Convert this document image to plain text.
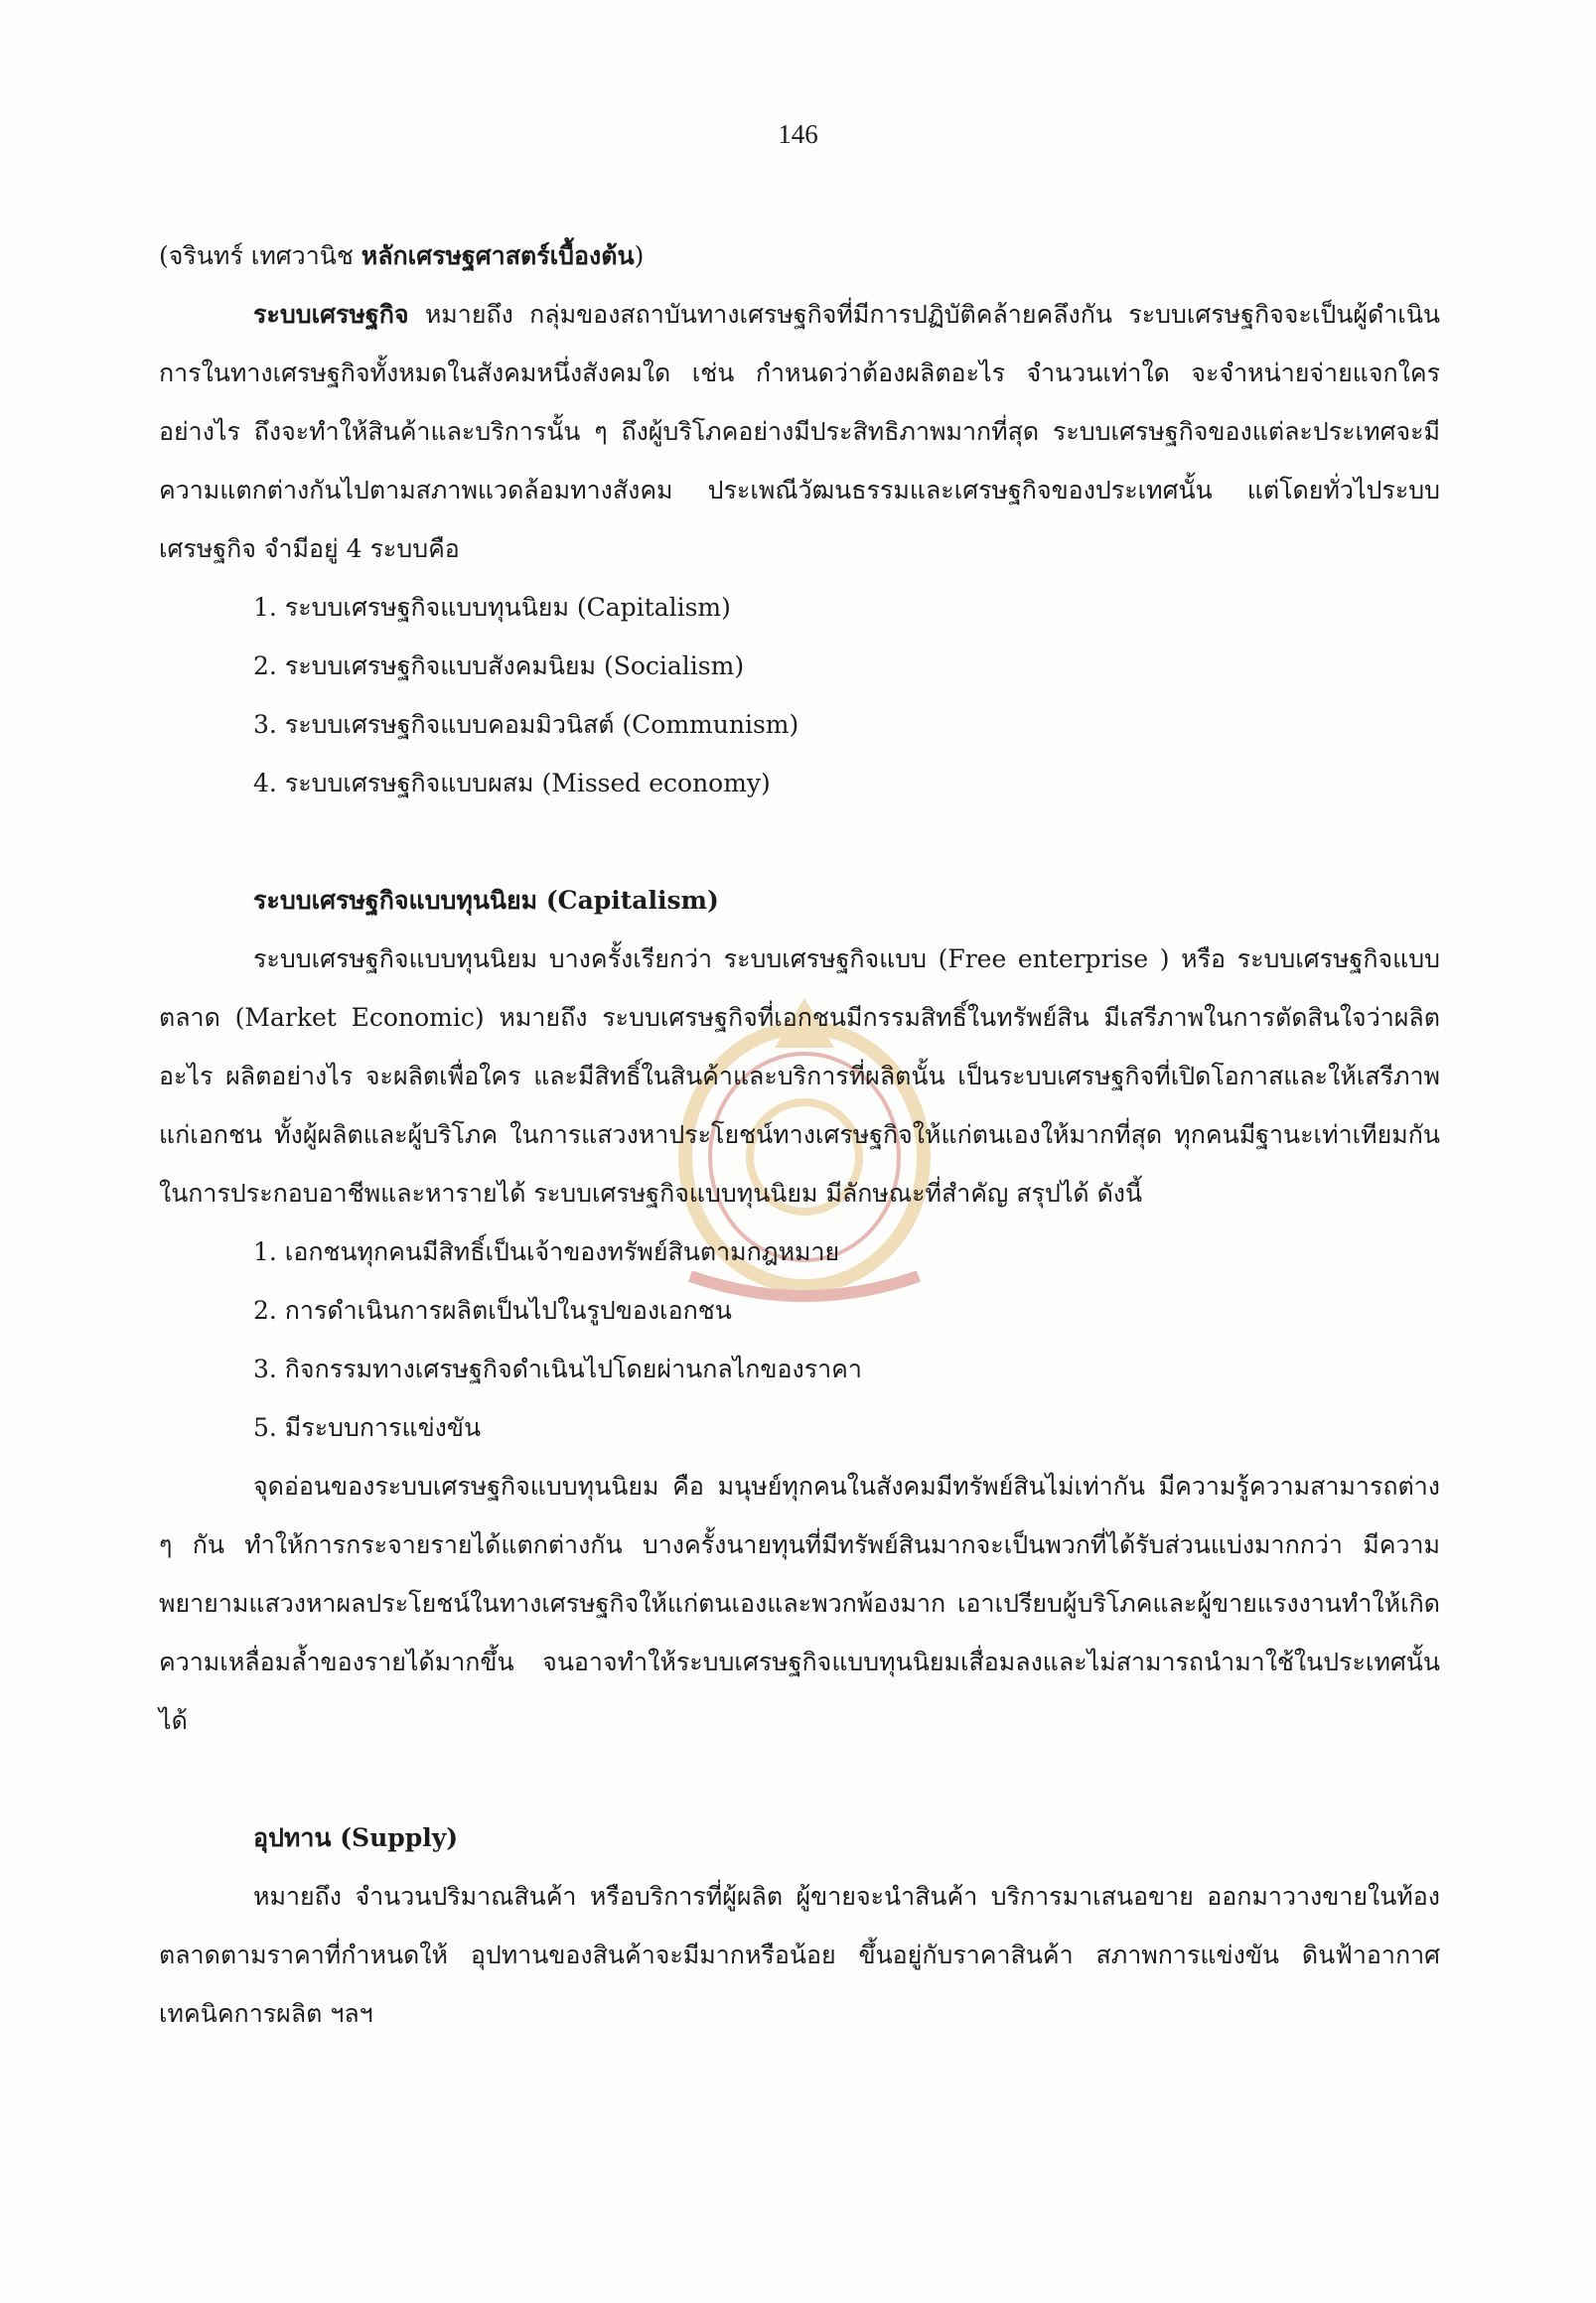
146

(จรินทร์ เทศวานิช หลักเศรษฐศาสตร์เบื้องต้น)

ระบบเศรษฐกิจ หมายถึง กลุ่มของสถาบันทางเศรษฐกิจที่มีการปฏิบัติคล้ายคลึงกัน ระบบเศรษฐกิจจะเป็นผู้ดำเนินการในทางเศรษฐกิจทั้งหมดในสังคมหนึ่งสังคมใด เช่น กำหนดว่าต้องผลิตอะไร จำนวนเท่าใด จะจำหน่ายจ่ายแจกใครอย่างไร ถึงจะทำให้สินค้าและบริการนั้น ๆ ถึงผู้บริโภคอย่างมีประสิทธิภาพมากที่สุด ระบบเศรษฐกิจของแต่ละประเทศจะมีความแตกต่างกันไปตามสภาพแวดล้อมทางสังคม ประเพณีวัฒนธรรมและเศรษฐกิจของประเทศนั้น แต่โดยทั่วไประบบเศรษฐกิจ จำมีอยู่ 4 ระบบคือ

1. ระบบเศรษฐกิจแบบทุนนิยม (Capitalism)
2. ระบบเศรษฐกิจแบบสังคมนิยม (Socialism)
3. ระบบเศรษฐกิจแบบคอมมิวนิสต์ (Communism)
4. ระบบเศรษฐกิจแบบผสม (Missed economy)

ระบบเศรษฐกิจแบบทุนนิยม (Capitalism)

ระบบเศรษฐกิจแบบทุนนิยม บางครั้งเรียกว่า ระบบเศรษฐกิจแบบ (Free enterprise ) หรือ ระบบเศรษฐกิจแบบตลาด (Market Economic) หมายถึง ระบบเศรษฐกิจที่เอกชนมีกรรมสิทธิ์ในทรัพย์สิน มีเสรีภาพในการตัดสินใจว่าผลิตอะไร ผลิตอย่างไร จะผลิตเพื่อใคร และมีสิทธิ์ในสินค้าและบริการที่ผลิตนั้น เป็นระบบเศรษฐกิจที่เปิดโอกาสและให้เสรีภาพแก่เอกชน ทั้งผู้ผลิตและผู้บริโภค ในการแสวงหาประโยชน์ทางเศรษฐกิจให้แก่ตนเองให้มากที่สุด ทุกคนมีฐานะเท่าเทียมกันในการประกอบอาชีพและหารายได้ ระบบเศรษฐกิจแบบทุนนิยม มีลักษณะที่สำคัญ สรุปได้ ดังนี้

1. เอกชนทุกคนมีสิทธิ์เป็นเจ้าของทรัพย์สินตามกฎหมาย
2. การดำเนินการผลิตเป็นไปในรูปของเอกชน
3. กิจกรรมทางเศรษฐกิจดำเนินไปโดยผ่านกลไกของราคา
5. มีระบบการแข่งขัน

จุดอ่อนของระบบเศรษฐกิจแบบทุนนิยม คือ มนุษย์ทุกคนในสังคมมีทรัพย์สินไม่เท่ากัน มีความรู้ความสามารถต่าง ๆ กัน ทำให้การกระจายรายได้แตกต่างกัน บางครั้งนายทุนที่มีทรัพย์สินมากจะเป็นพวกที่ได้รับส่วนแบ่งมากกว่า มีความพยายามแสวงหาผลประโยชน์ในทางเศรษฐกิจให้แก่ตนเองและพวกพ้องมาก เอาเปรียบผู้บริโภคและผู้ขายแรงงานทำให้เกิดความเหลื่อมล้ำของรายได้มากขึ้น จนอาจทำให้ระบบเศรษฐกิจแบบทุนนิยมเสื่อมลงและไม่สามารถนำมาใช้ในประเทศนั้นได้

อุปทาน (Supply)

หมายถึง จำนวนปริมาณสินค้า หรือบริการที่ผู้ผลิต ผู้ขายจะนำสินค้า บริการมาเสนอขาย ออกมาวางขายในท้องตลาดตามราคาที่กำหนดให้ อุปทานของสินค้าจะมีมากหรือน้อย ขึ้นอยู่กับราคาสินค้า สภาพการแข่งขัน ดินฟ้าอากาศ เทคนิคการผลิต ฯลฯ
